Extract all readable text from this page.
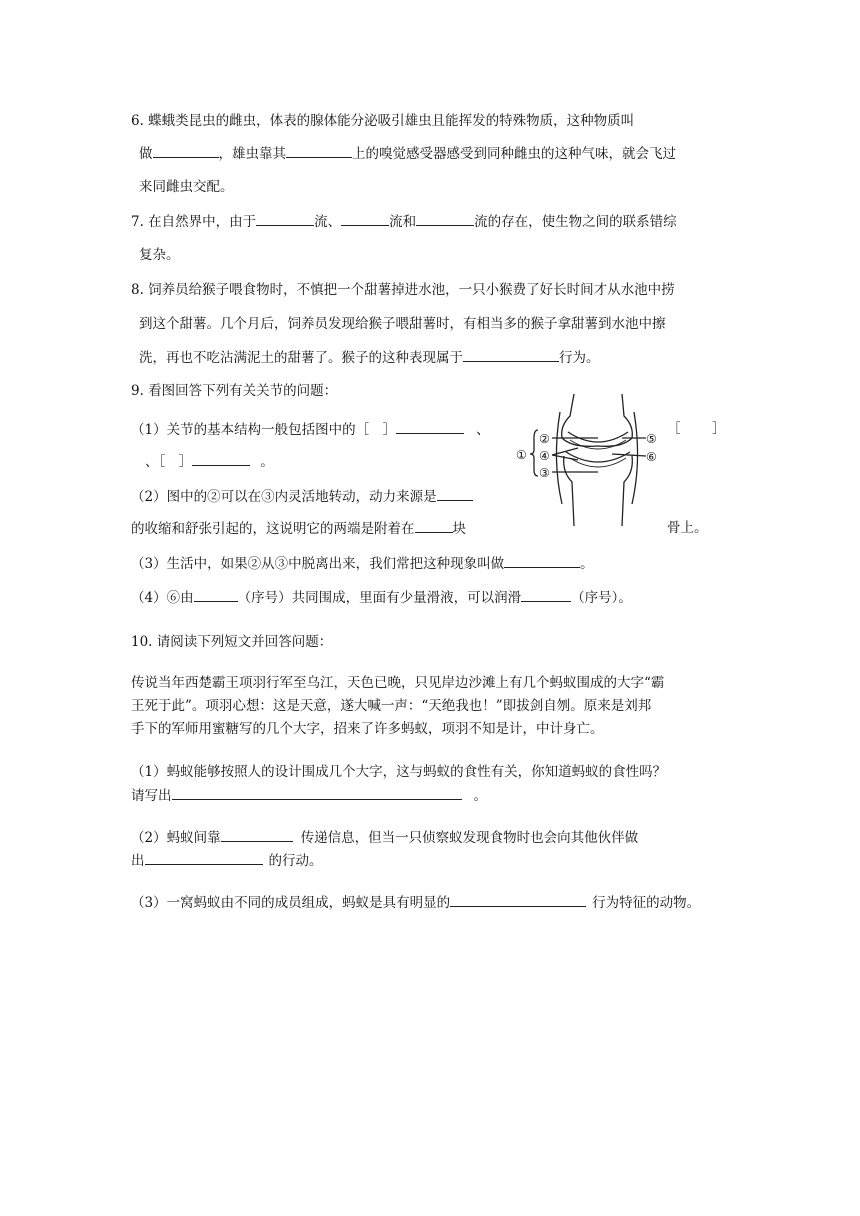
6. 蝶蛾类昆虫的雌虫，体表的腺体能分泌吸引雄虫且能挥发的特殊物质，这种物质叫
做	，雄虫靠其	上的嗅觉感受器感受到同种雌虫的这种气味，就会飞过
来同雌虫交配。
7. 在自然界中，由于	流、	流和	流的存在，使生物之间的联系错综
复杂。
8. 饲养员给猴子喂食物时，不慎把一个甜薯掉进水池，一只小猴费了好长时间才从水池中捞
到这个甜薯。几个月后，饲养员发现给猴子喂甜薯时，有相当多的猴子拿甜薯到水池中擦
洗，再也不吃沾满泥土的甜薯了。猴子的这种表现属于	行为。
9. 看图回答下列有关关节的问题：
（1）关节的基本结构一般包括图中的［　］	、	［ ］
、［　］	。
（2）图中的②可以在③内灵活地转动，动力来源是
的收缩和舒张引起的，这说明它的两端是附着在	块	骨上。
（3）生活中，如果②从③中脱离出来，我们常把这种现象叫做	。
（4）⑥由	（序号）共同围成，里面有少量滑液，可以润滑	（序号）。
①
②
③
④
⑤
⑥
10. 请阅读下列短文并回答问题：
传说当年西楚霸王项羽行军至乌江，天色已晚，只见岸边沙滩上有几个蚂蚁围成的大字“霸
王死于此”。项羽心想：这是天意，遂大喊一声：“天绝我也！”即拔剑自刎。原来是刘邦
手下的军师用蜜糖写的几个大字，招来了许多蚂蚁，项羽不知是计，中计身亡。
（1）蚂蚁能够按照人的设计围成几个大字，这与蚂蚁的食性有关，你知道蚂蚁的食性吗？
请写出	。
（2）蚂蚁间靠	传递信息，但当一只侦察蚁发现食物时也会向其他伙伴做
出	的行动。
（3）一窝蚂蚁由不同的成员组成，蚂蚁是具有明显的	行为特征的动物。
